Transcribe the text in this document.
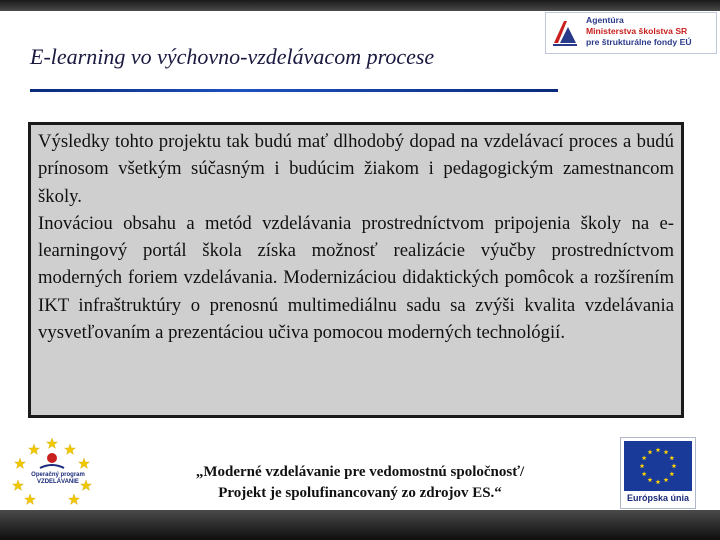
E-learning vo výchovno-vzdelávacom procese
Agentúra
Ministerstva školstva SR
pre štrukturálne fondy EÚ

Výsledky tohto projektu tak budú mať dlhodobý dopad na vzdelávací proces a budú prínosom všetkým súčasným i budúcim žiakom i pedagogickým zamestnancom školy.

Inováciou obsahu a metód vzdelávania prostredníctvom pripojenia školy na e-learningový portál škola získa možnosť realizácie výučby prostredníctvom moderných foriem vzdelávania. Modernizáciou didaktických pomôcok a rozšírením IKT infraštruktúry o prenosnú multimediálnu sadu sa zvýši kvalita vzdelávania vysvetľovaním a prezentáciou učiva pomocou moderných technológií.

Operačný program
VZDELÁVANIE
„Moderné vzdelávanie pre vedomostnú spoločnosť/
Projekt je spolufinancovaný zo zdrojov ES.“	Európska únia
